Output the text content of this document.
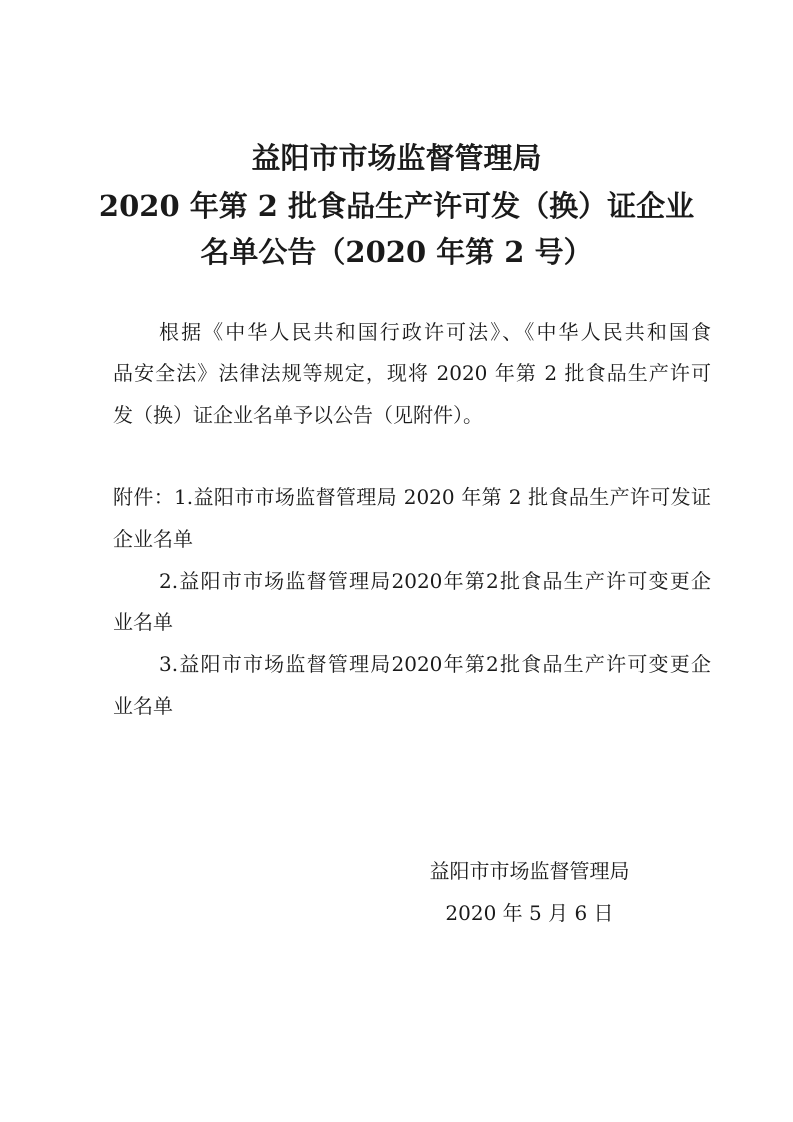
益阳市市场监督管理局
2020 年第 2 批食品生产许可发（换）证企业
名单公告（2020 年第 2 号）
根据《中华人民共和国行政许可法》、《中华人民共和国食
品安全法》法律法规等规定，现将 2020 年第 2 批食品生产许可
发（换）证企业名单予以公告（见附件）。
附件：1.益阳市市场监督管理局 2020 年第 2 批食品生产许可发证
企业名单
2.益阳市市场监督管理局2020年第2批食品生产许可变更企
业名单
3.益阳市市场监督管理局2020年第2批食品生产许可变更企
业名单
益阳市市场监督管理局
2020 年 5 月 6 日
